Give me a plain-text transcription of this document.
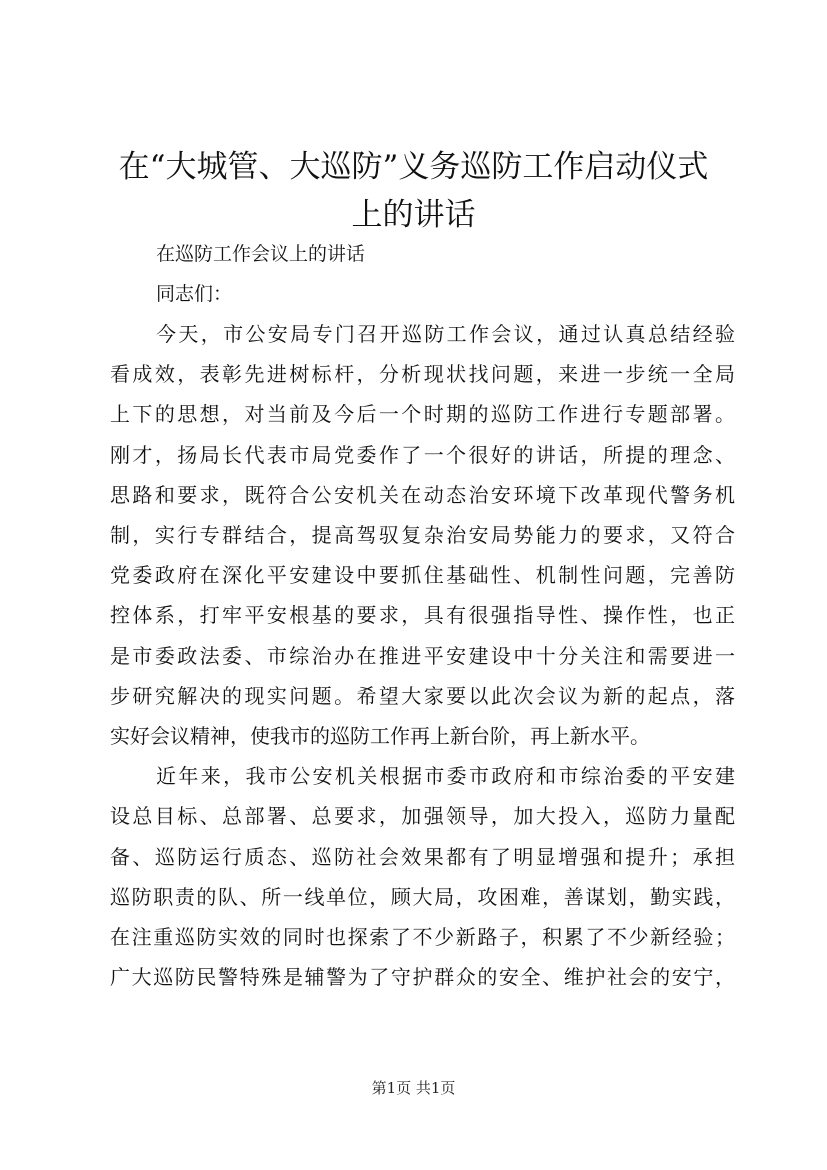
在“大城管、大巡防”义务巡防工作启动仪式
上的讲话

在巡防工作会议上的讲话

同志们：

今天，市公安局专门召开巡防工作会议，通过认真总结经验
看成效，表彰先进树标杆，分析现状找问题，来进一步统一全局
上下的思想，对当前及今后一个时期的巡防工作进行专题部署。
刚才，扬局长代表市局党委作了一个很好的讲话，所提的理念、
思路和要求，既符合公安机关在动态治安环境下改革现代警务机
制，实行专群结合，提高驾驭复杂治安局势能力的要求，又符合
党委政府在深化平安建设中要抓住基础性、机制性问题，完善防
控体系，打牢平安根基的要求，具有很强指导性、操作性，也正
是市委政法委、市综治办在推进平安建设中十分关注和需要进一
步研究解决的现实问题。希望大家要以此次会议为新的起点，落
实好会议精神，使我市的巡防工作再上新台阶，再上新水平。
近年来，我市公安机关根据市委市政府和市综治委的平安建
设总目标、总部署、总要求，加强领导，加大投入，巡防力量配
备、巡防运行质态、巡防社会效果都有了明显增强和提升；承担
巡防职责的队、所一线单位，顾大局，攻困难，善谋划，勤实践，
在注重巡防实效的同时也探索了不少新路子，积累了不少新经验；
广大巡防民警特殊是辅警为了守护群众的安全、维护社会的安宁，
第1页 共1页
